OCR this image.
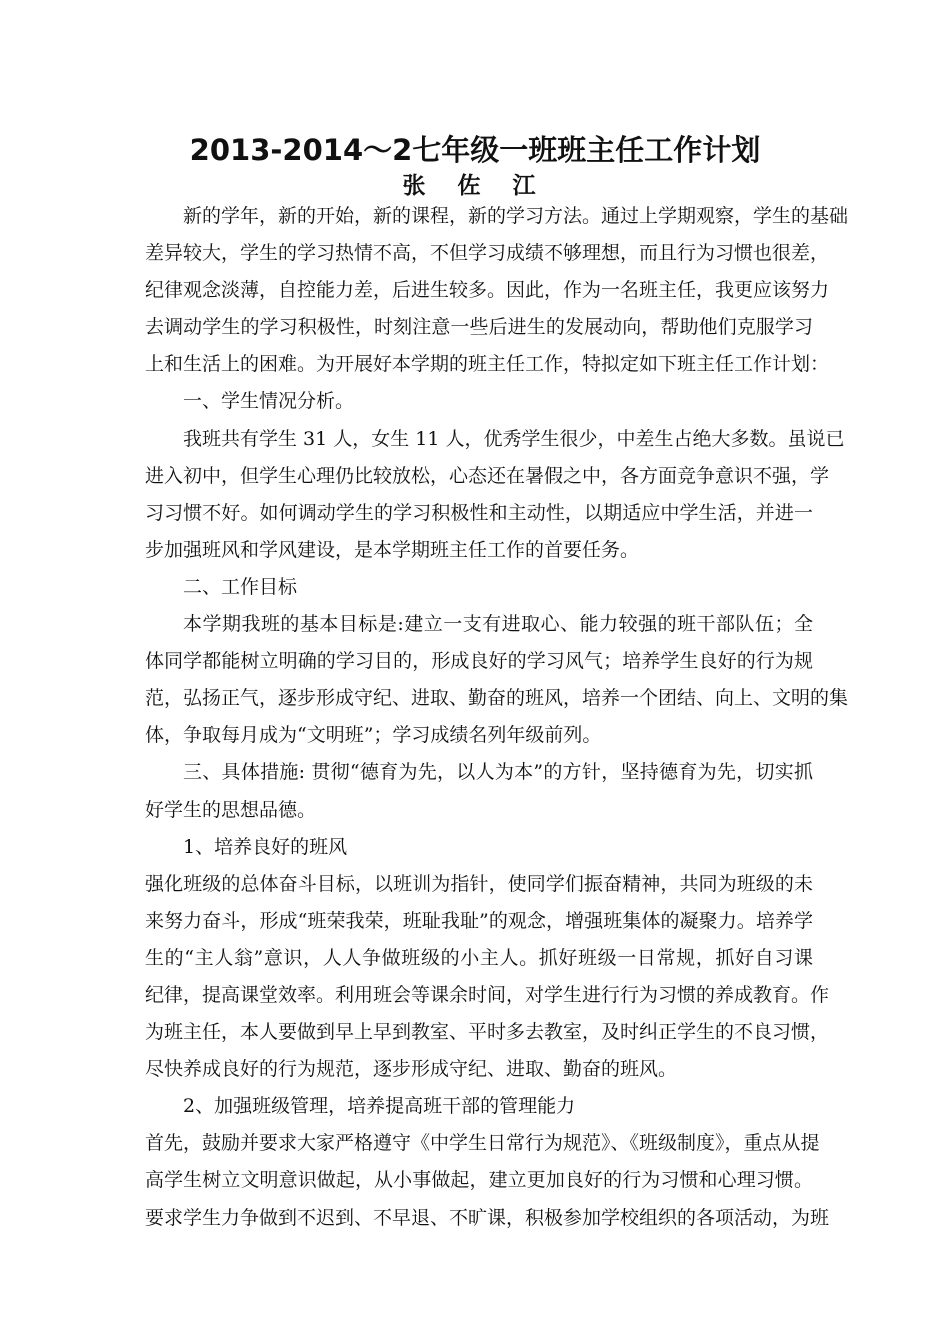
2013-2014～2七年级一班班主任工作计划
张 佐 江
新的学年，新的开始，新的课程，新的学习方法。通过上学期观察，学生的基础
差异较大，学生的学习热情不高，不但学习成绩不够理想，而且行为习惯也很差，
纪律观念淡薄，自控能力差，后进生较多。因此，作为一名班主任，我更应该努力
去调动学生的学习积极性，时刻注意一些后进生的发展动向，帮助他们克服学习
上和生活上的困难。为开展好本学期的班主任工作，特拟定如下班主任工作计划：
一、学生情况分析。
我班共有学生 31 人，女生 11 人，优秀学生很少，中差生占绝大多数。虽说已
进入初中，但学生心理仍比较放松，心态还在暑假之中，各方面竞争意识不强，学
习习惯不好。如何调动学生的学习积极性和主动性，以期适应中学生活，并进一
步加强班风和学风建设，是本学期班主任工作的首要任务。
二、工作目标
本学期我班的基本目标是:建立一支有进取心、能力较强的班干部队伍；全
体同学都能树立明确的学习目的，形成良好的学习风气；培养学生良好的行为规
范，弘扬正气，逐步形成守纪、进取、勤奋的班风，培养一个团结、向上、文明的集
体，争取每月成为“文明班”；学习成绩名列年级前列。
三、具体措施: 贯彻“德育为先，以人为本”的方针，坚持德育为先，切实抓
好学生的思想品德。
1、培养良好的班风
强化班级的总体奋斗目标，以班训为指针，使同学们振奋精神，共同为班级的未
来努力奋斗，形成“班荣我荣，班耻我耻”的观念，增强班集体的凝聚力。培养学
生的“主人翁”意识，人人争做班级的小主人。抓好班级一日常规，抓好自习课
纪律，提高课堂效率。利用班会等课余时间，对学生进行行为习惯的养成教育。作
为班主任，本人要做到早上早到教室、平时多去教室，及时纠正学生的不良习惯，
尽快养成良好的行为规范，逐步形成守纪、进取、勤奋的班风。
2、加强班级管理，培养提高班干部的管理能力
首先，鼓励并要求大家严格遵守《中学生日常行为规范》、《班级制度》，重点从提
高学生树立文明意识做起，从小事做起，建立更加良好的行为习惯和心理习惯。
要求学生力争做到不迟到、不早退、不旷课，积极参加学校组织的各项活动，为班
